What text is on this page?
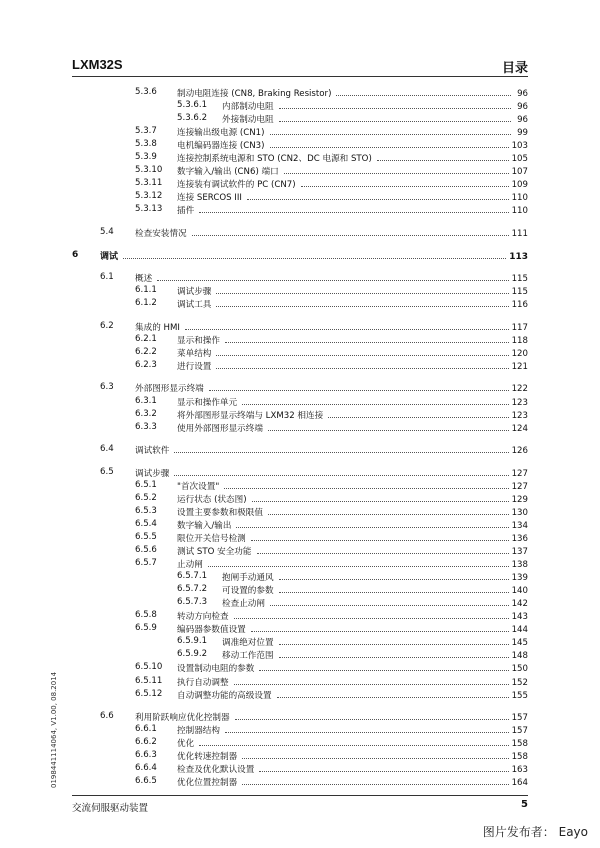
LXM32S	目录
5.3.6 制动电阻连接 (CN8, Braking Resistor)	96
5.3.6.1 内部制动电阻	96
5.3.6.2 外接制动电阻	96
5.3.7 连接输出级电源 (CN1)	99
5.3.8 电机编码器连接 (CN3)	103
5.3.9 连接控制系统电源和 STO (CN2、DC 电源和 STO)	105
5.3.10 数字输入/输出 (CN6) 端口	107
5.3.11 连接装有调试软件的 PC (CN7)	109
5.3.12 连接 SERCOS III	110
5.3.13 插件	110
5.4 检查安装情况	111
6 调试	113
6.1 概述	115
6.1.1 调试步骤	115
6.1.2 调试工具	116
6.2 集成的 HMI	117
6.2.1 显示和操作	118
6.2.2 菜单结构	120
6.2.3 进行设置	121
6.3 外部图形显示终端	122
6.3.1 显示和操作单元	123
6.3.2 将外部图形显示终端与 LXM32 相连接	123
6.3.3 使用外部图形显示终端	124
6.4 调试软件	126
6.5 调试步骤	127
6.5.1 "首次设置"	127
6.5.2 运行状态 (状态图)	129
6.5.3 设置主要参数和极限值	130
6.5.4 数字输入/输出	134
6.5.5 限位开关信号检测	136
6.5.6 测试 STO 安全功能	137
6.5.7 止动闸	138
6.5.7.1 抱闸手动通风	139
6.5.7.2 可设置的参数	140
6.5.7.3 检查止动闸	142
6.5.8 转动方向检查	143
6.5.9 编码器参数值设置	144
6.5.9.1 调准绝对位置	145
6.5.9.2 移动工作范围	148
6.5.10 设置制动电阻的参数	150
6.5.11 执行自动调整	152
6.5.12 自动调整功能的高级设置	155
6.6 利用阶跃响应优化控制器	157
6.6.1 控制器结构	157
6.6.2 优化	158
6.6.3 优化转速控制器	158
6.6.4 检查及优化默认设置	163
6.6.5 优化位置控制器	164
0198441114064, V1.00, 08.2014
交流伺服驱动装置	5
图片发布者： Eayo
